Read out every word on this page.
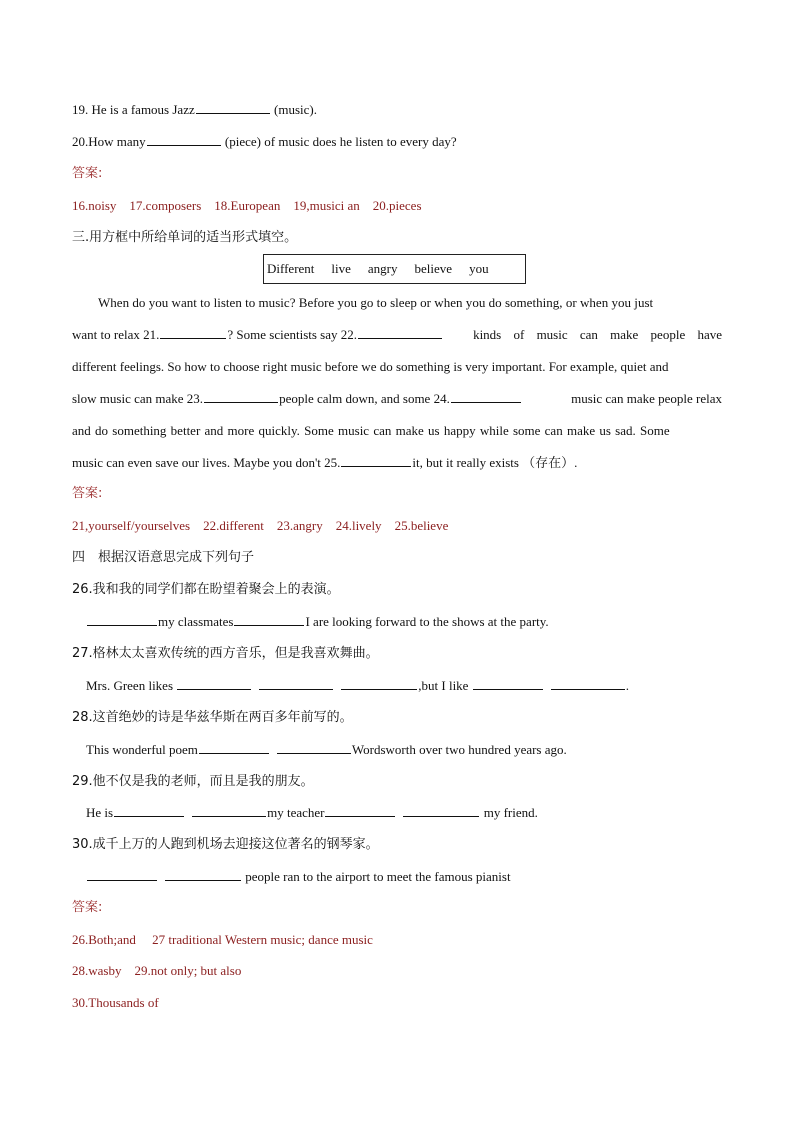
19. He is a famous Jazz	(music).
20.How many	(piece) of music does he listen to every day?
答案:
16.noisy 17.composers 18.European 19,musici an 20.pieces
三.用方框中所给单词的适当形式填空。
Different live angry believe you
When do you want to listen to music? Before you go to sleep or when you do something, or when you just
want to relax 21.	? Some scientists say 22.	kinds of music can make people have
different feelings. So how to choose right music before we do something is very important. For example, quiet and
slow music can make 23.	people calm down, and some 24.	music can make people relax
and do something better and more quickly. Some music can make us happy while some can make us sad. Some
music can even save our lives. Maybe you don't 25.	it, but it really exists （存在）.
答案:
21,yourself/yourselves 22.different 23.angry 24.lively 25.believe
四　根据汉语意思完成下列句子
26.我和我的同学们都在盼望着聚会上的表演。
my classmates	I are looking forward to the shows at the party.
27.格林太太喜欢传统的西方音乐，但是我喜欢舞曲。
Mrs. Green likes	,but I like	.
28.这首绝妙的诗是华兹华斯在两百多年前写的。
This wonderful poem	Wordsworth over two hundred years ago.
29.他不仅是我的老师，而且是我的朋友。
He is	my teacher	my friend.
30.成千上万的人跑到机场去迎接这位著名的钢琴家。
people ran to the airport to meet the famous pianist
答案:
26.Both;and 27 traditional Western music; dance music
28.wasby 29.not only; but also
30.Thousands of
